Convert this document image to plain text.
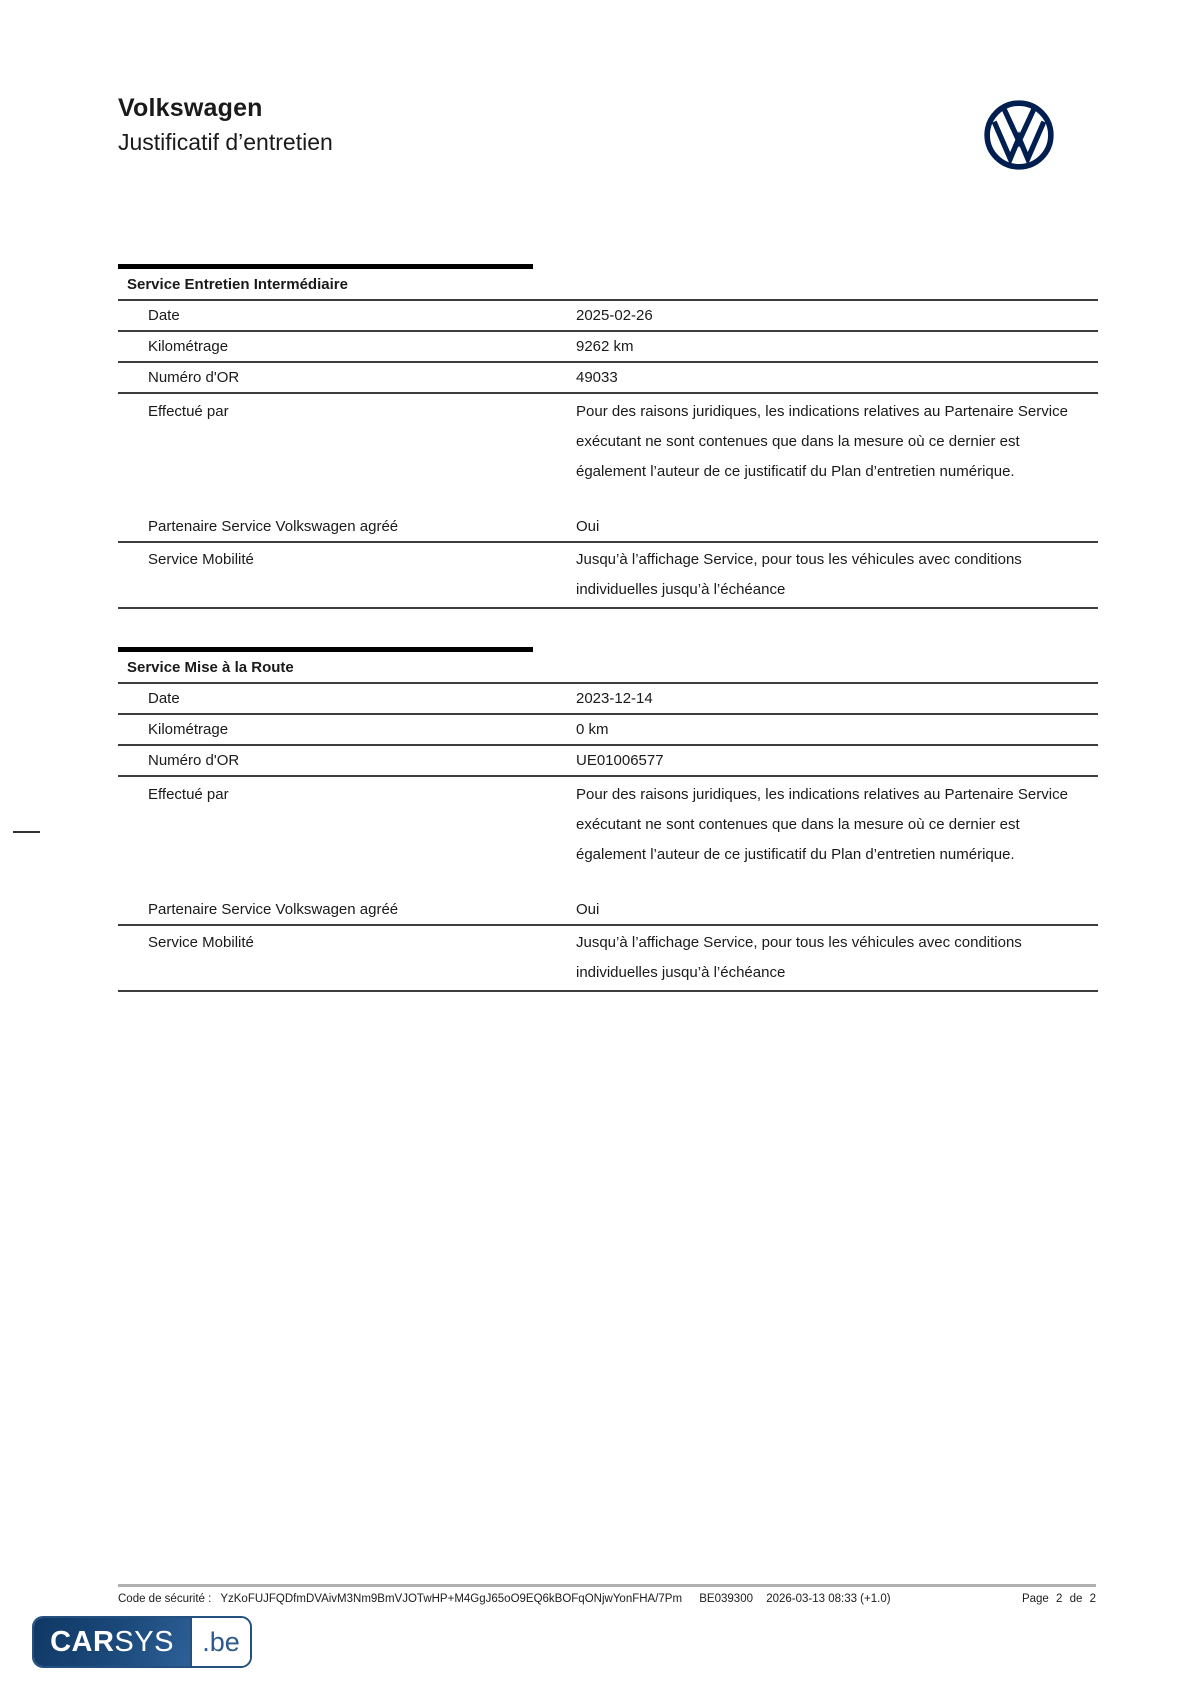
Volkswagen
Justificatif d’entretien
Service Entretien Intermédiaire
Date	2025-02-26
Kilométrage	9262 km
Numéro d'OR	49033
Effectué par	Pour des raisons juridiques, les indications relatives au Partenaire Service
exécutant ne sont contenues que dans la mesure où ce dernier est
également l’auteur de ce justificatif du Plan d’entretien numérique.
Partenaire Service Volkswagen agréé	Oui
Service Mobilité	Jusqu’à l’affichage Service, pour tous les véhicules avec conditions
individuelles jusqu’à l’échéance
Service Mise à la Route
Date	2023-12-14
Kilométrage	0 km
Numéro d'OR	UE01006577
Effectué par	Pour des raisons juridiques, les indications relatives au Partenaire Service
exécutant ne sont contenues que dans la mesure où ce dernier est
également l’auteur de ce justificatif du Plan d’entretien numérique.
Partenaire Service Volkswagen agréé	Oui
Service Mobilité	Jusqu’à l’affichage Service, pour tous les véhicules avec conditions
individuelles jusqu’à l’échéance
Code de sécurité : YzKoFUJFQDfmDVAivM3Nm9BmVJOTwHP+M4GgJ65oO9EQ6kBOFqONjwYonFHA/7Pm BE039300 2026-03-13 08:33 (+1.0)	Page 2 de 2
CAR SYS	.be
